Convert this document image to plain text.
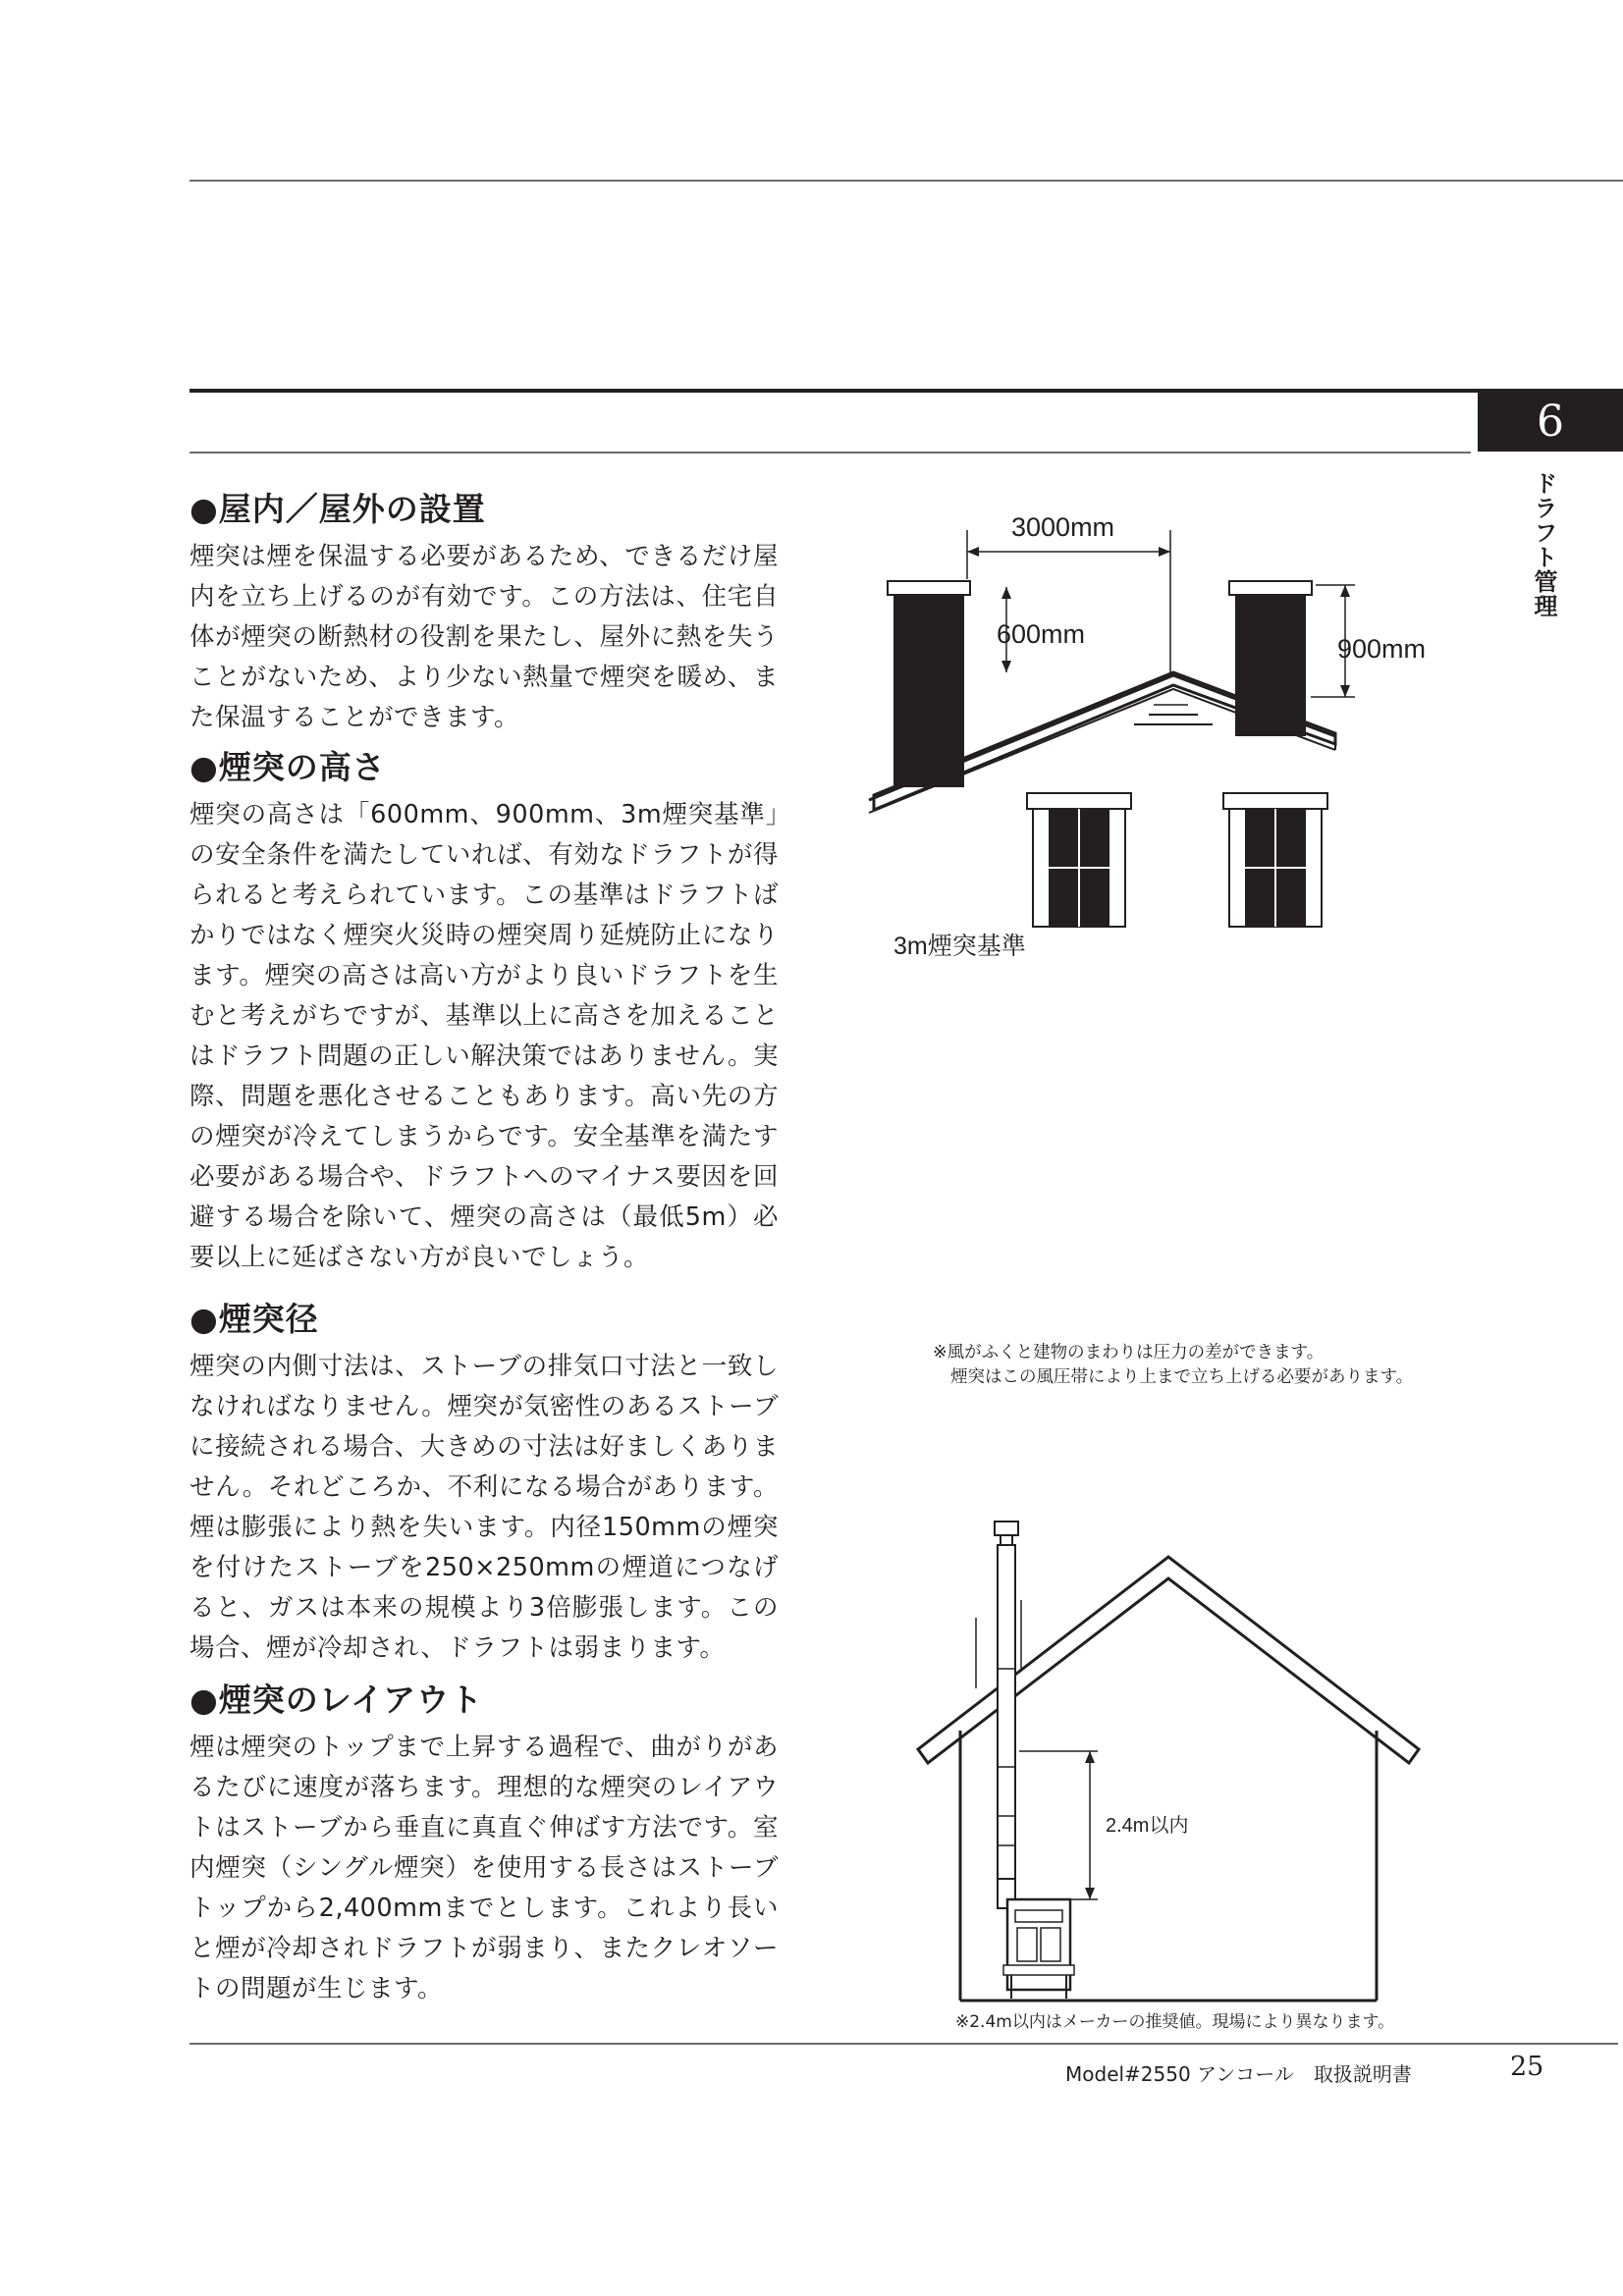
6
ドラフト管理
●屋内／屋外の設置
煙突は煙を保温する必要があるため、できるだけ屋内を立ち上げるのが有効です。この方法は、住宅自体が煙突の断熱材の役割を果たし、屋外に熱を失うことがないため、より少ない熱量で煙突を暖め、また保温することができます。
●煙突の高さ
煙突の高さは「600mm、900mm、3m煙突基準」の安全条件を満たしていれば、有効なドラフトが得られると考えられています。この基準はドラフトばかりではなく煙突火災時の煙突周り延焼防止になります。煙突の高さは高い方がより良いドラフトを生むと考えがちですが、基準以上に高さを加えることはドラフト問題の正しい解決策ではありません。実際、問題を悪化させることもあります。高い先の方の煙突が冷えてしまうからです。安全基準を満たす必要がある場合や、ドラフトへのマイナス要因を回避する場合を除いて、煙突の高さは（最低5m）必要以上に延ばさない方が良いでしょう。
●煙突径
煙突の内側寸法は、ストーブの排気口寸法と一致しなければなりません。煙突が気密性のあるストーブに接続される場合、大きめの寸法は好ましくありません。それどころか、不利になる場合があります。煙は膨張により熱を失います。内径150mmの煙突を付けたストーブを250×250mmの煙道につなげると、ガスは本来の規模より3倍膨張します。この場合、煙が冷却され、ドラフトは弱まります。
●煙突のレイアウト
煙は煙突のトップまで上昇する過程で、曲がりがあるたびに速度が落ちます。理想的な煙突のレイアウトはストーブから垂直に真直ぐ伸ばす方法です。室内煙突（シングル煙突）を使用する長さはストーブトップから2,400mmまでとします。これより長いと煙が冷却されドラフトが弱まり、またクレオソートの問題が生じます。
3000mm
600mm	900mm
3m煙突基準
※風がふくと建物のまわりは圧力の差ができます。
煙突はこの風圧帯により上まで立ち上げる必要があります。
2.4m以内
※2.4m以内はメーカーの推奨値。現場により異なります。
Model#2550 アンコール　取扱説明書	25
